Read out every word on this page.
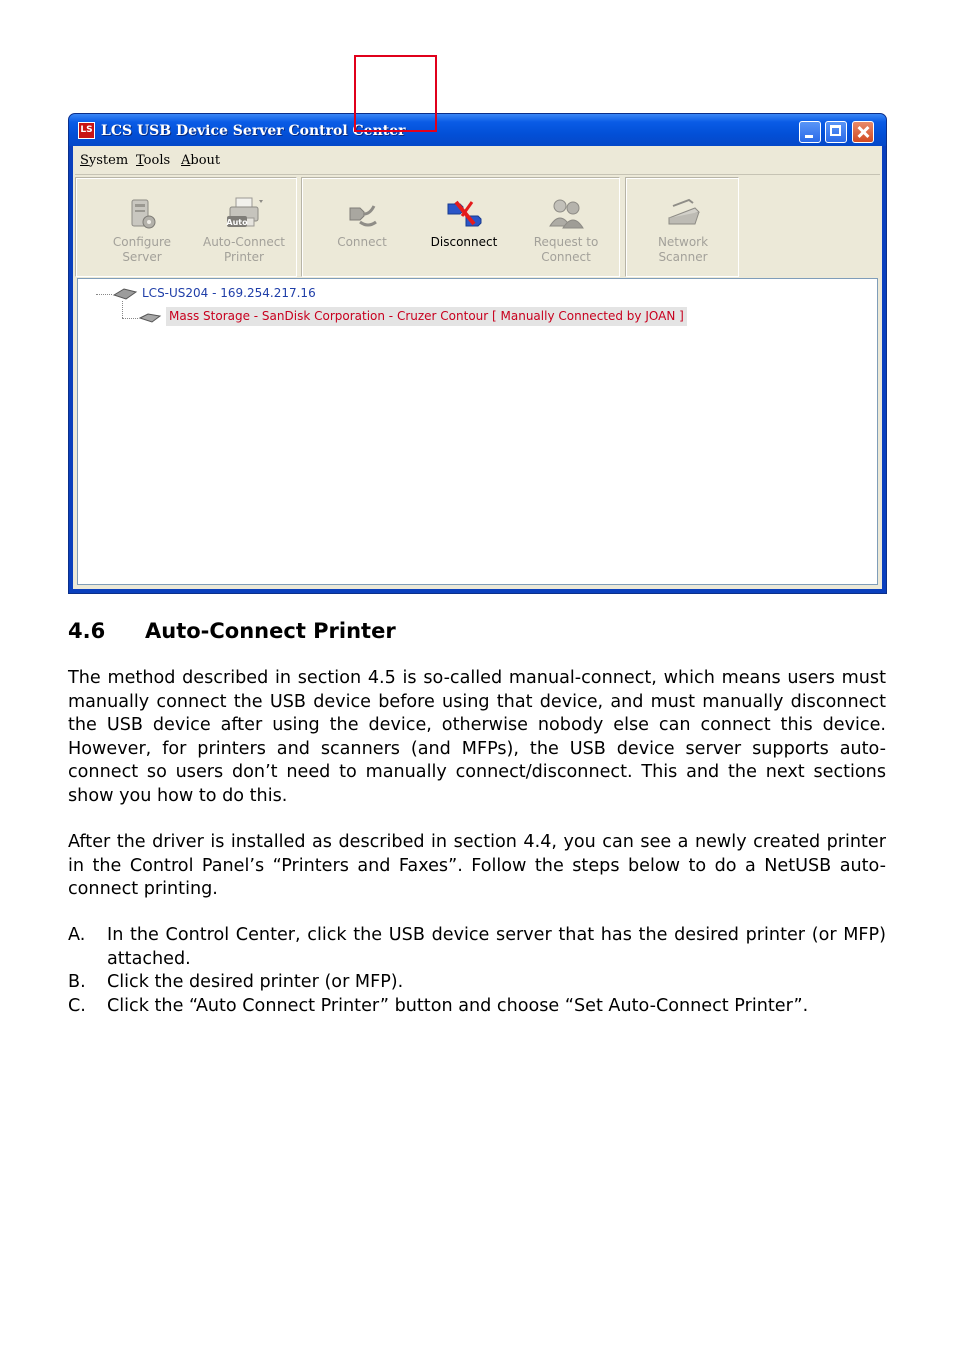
LS LCS USB Device Server Control Center
System Tools About
Configure
Server
Auto
Auto-Connect
Printer
Connect	Disconnect	Request to
Connect
Network
Scanner
LCS-US204 - 169.254.217.16
Mass Storage - SanDisk Corporation - Cruzer Contour [ Manually Connected by JOAN ]
4.6 Auto-Connect Printer

The method described in section 4.5 is so-called manual-connect, which means users must manually connect the USB device before using that device, and must manually disconnect the USB device after using the device, otherwise nobody else can connect this device. However, for printers and scanners (and MFPs), the USB device server supports auto-connect so users don’t need to manually connect/disconnect. This and the next sections show you how to do this.

After the driver is installed as described in section 4.4, you can see a newly created printer in the Control Panel’s “Printers and Faxes”. Follow the steps below to do a NetUSB auto-connect printing.

A. In the Control Center, click the USB device server that has the desired printer (or MFP) attached.
B. Click the desired printer (or MFP).
C. Click the “Auto Connect Printer” button and choose “Set Auto-Connect Printer”.
